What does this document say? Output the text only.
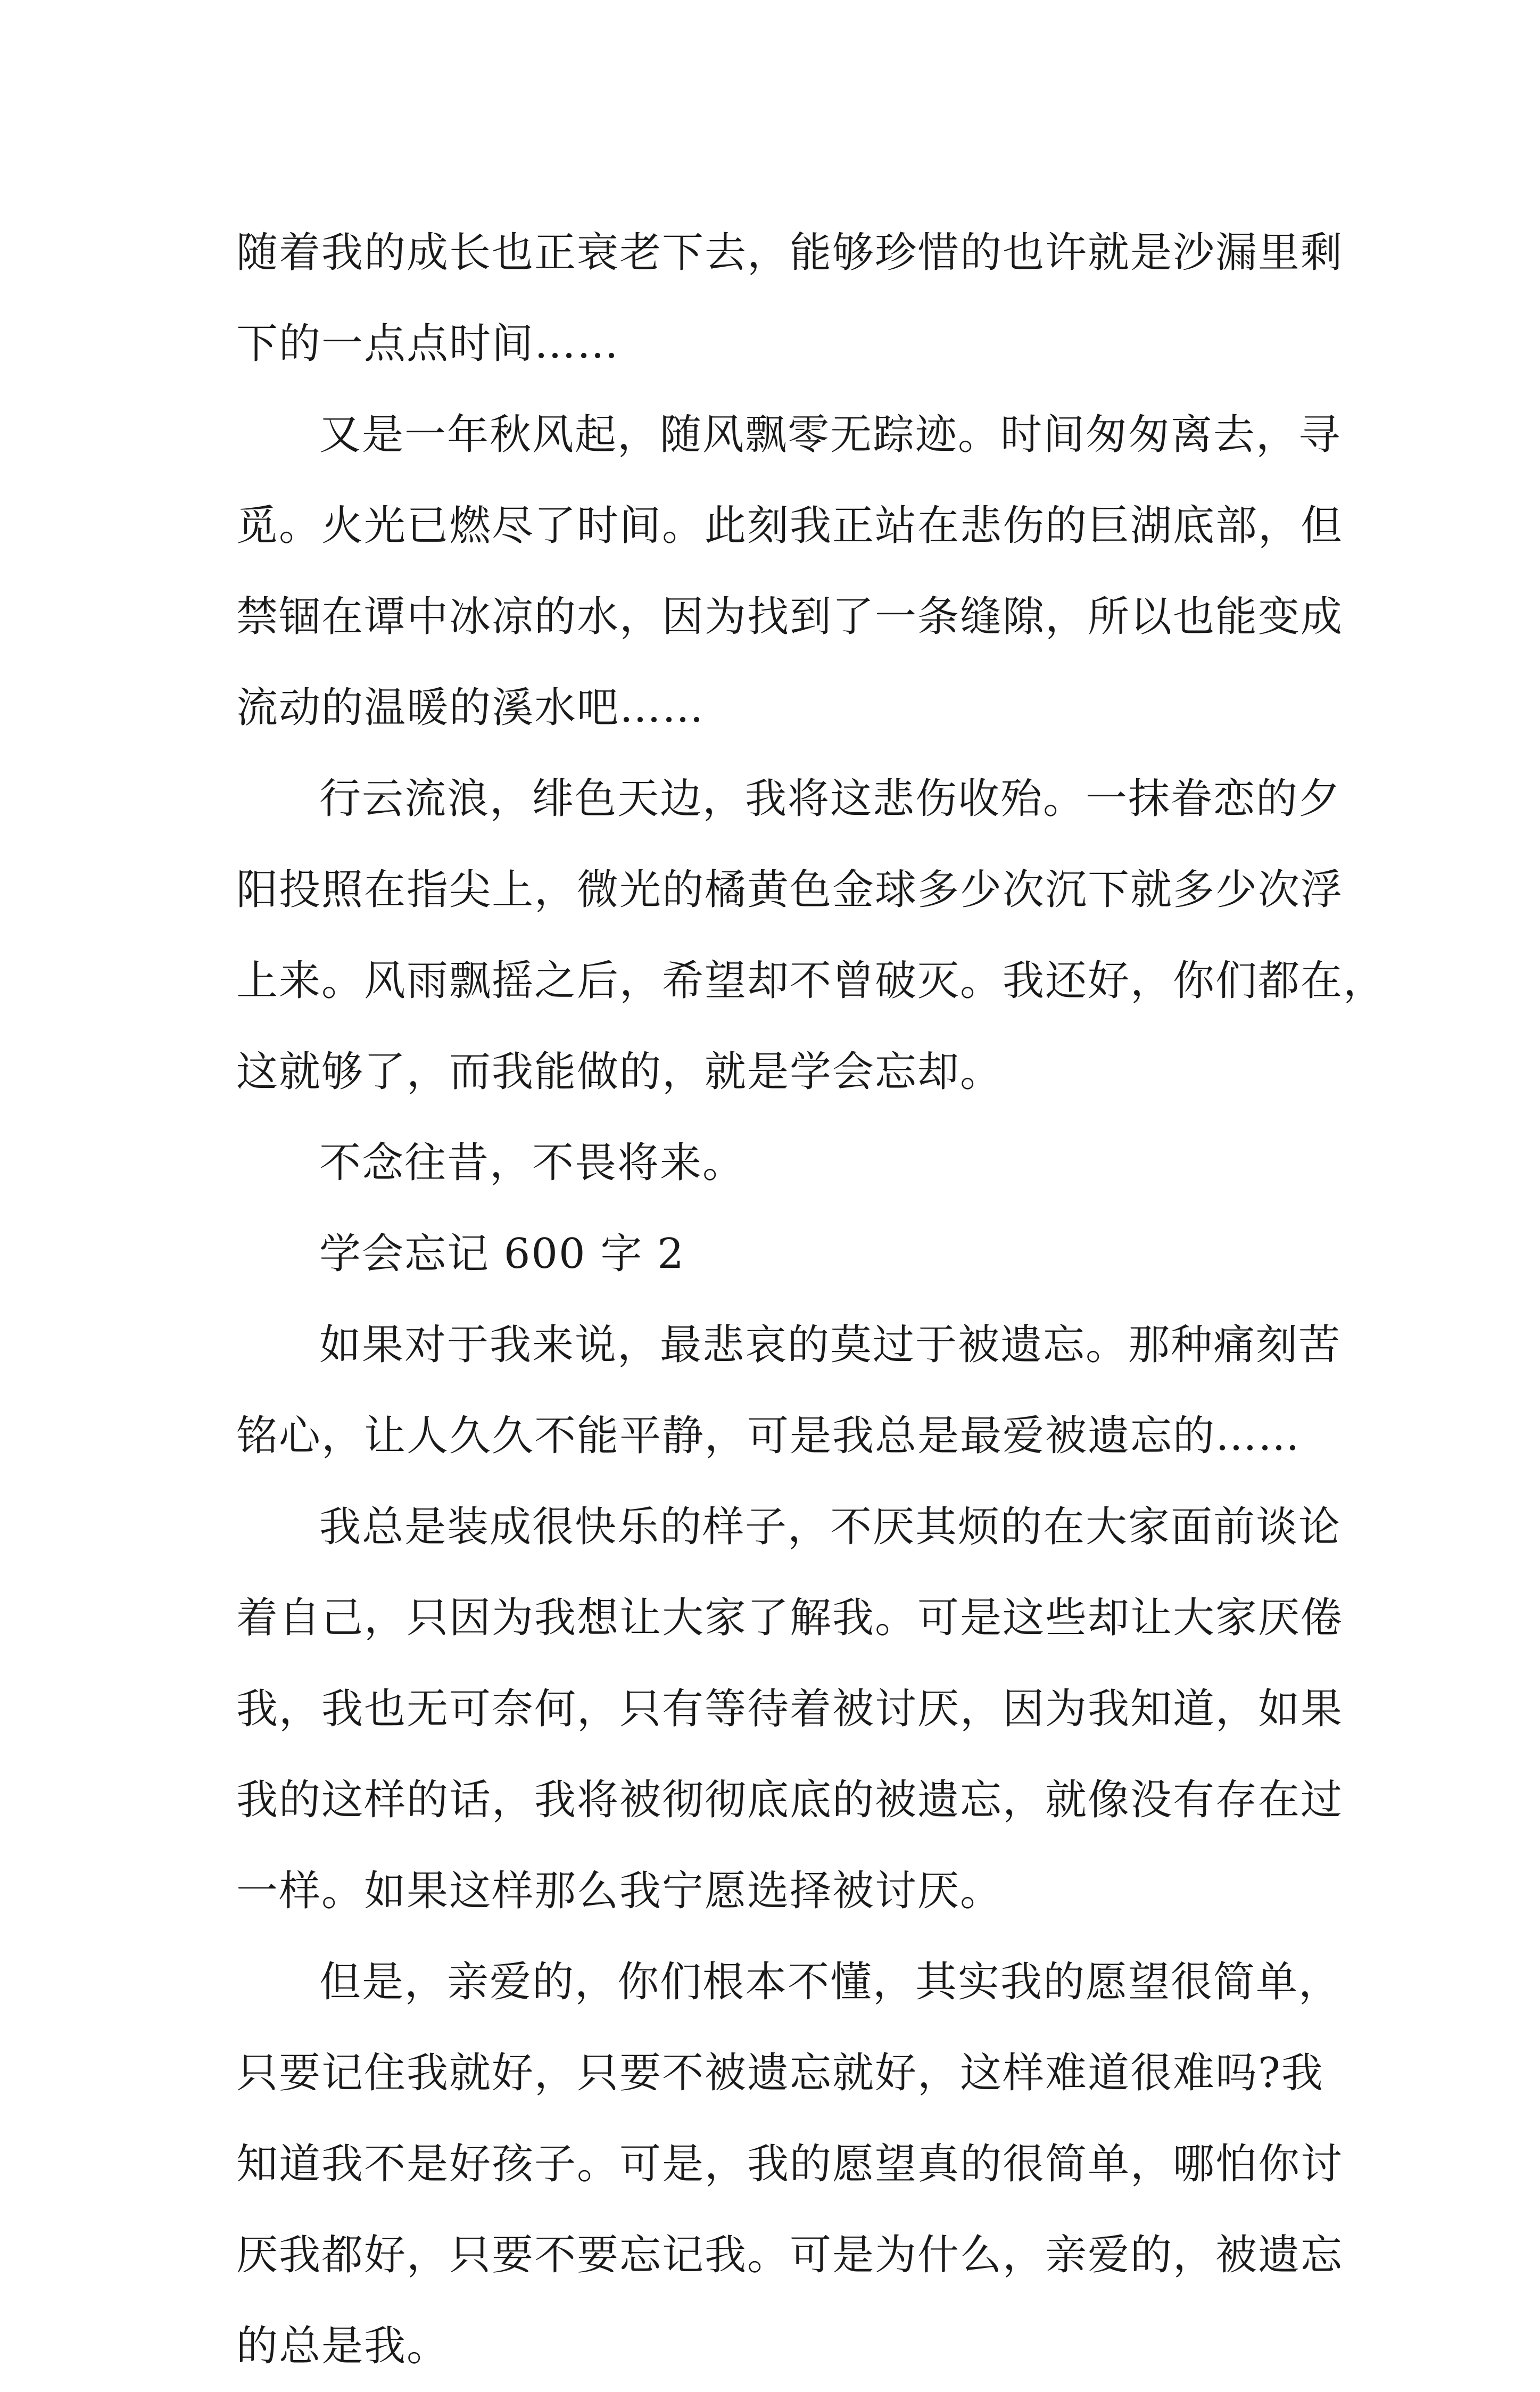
随着我的成长也正衰老下去，能够珍惜的也许就是沙漏里剩
下的一点点时间……
又是一年秋风起，随风飘零无踪迹。时间匆匆离去，寻
觅。火光已燃尽了时间。此刻我正站在悲伤的巨湖底部，但
禁锢在谭中冰凉的水，因为找到了一条缝隙，所以也能变成
流动的温暖的溪水吧……
行云流浪，绯色天边，我将这悲伤收殆。一抹眷恋的夕
阳投照在指尖上，微光的橘黄色金球多少次沉下就多少次浮
上来。风雨飘摇之后，希望却不曾破灭。我还好，你们都在，
这就够了，而我能做的，就是学会忘却。
不念往昔，不畏将来。
学会忘记 600 字 2
如果对于我来说，最悲哀的莫过于被遗忘。那种痛刻苦
铭心，让人久久不能平静，可是我总是最爱被遗忘的……
我总是装成很快乐的样子，不厌其烦的在大家面前谈论
着自己，只因为我想让大家了解我。可是这些却让大家厌倦
我，我也无可奈何，只有等待着被讨厌，因为我知道，如果
我的这样的话，我将被彻彻底底的被遗忘，就像没有存在过
一样。如果这样那么我宁愿选择被讨厌。
但是，亲爱的，你们根本不懂，其实我的愿望很简单，
只要记住我就好，只要不被遗忘就好，这样难道很难吗?我
知道我不是好孩子。可是，我的愿望真的很简单，哪怕你讨
厌我都好，只要不要忘记我。可是为什么，亲爱的，被遗忘
的总是我。
